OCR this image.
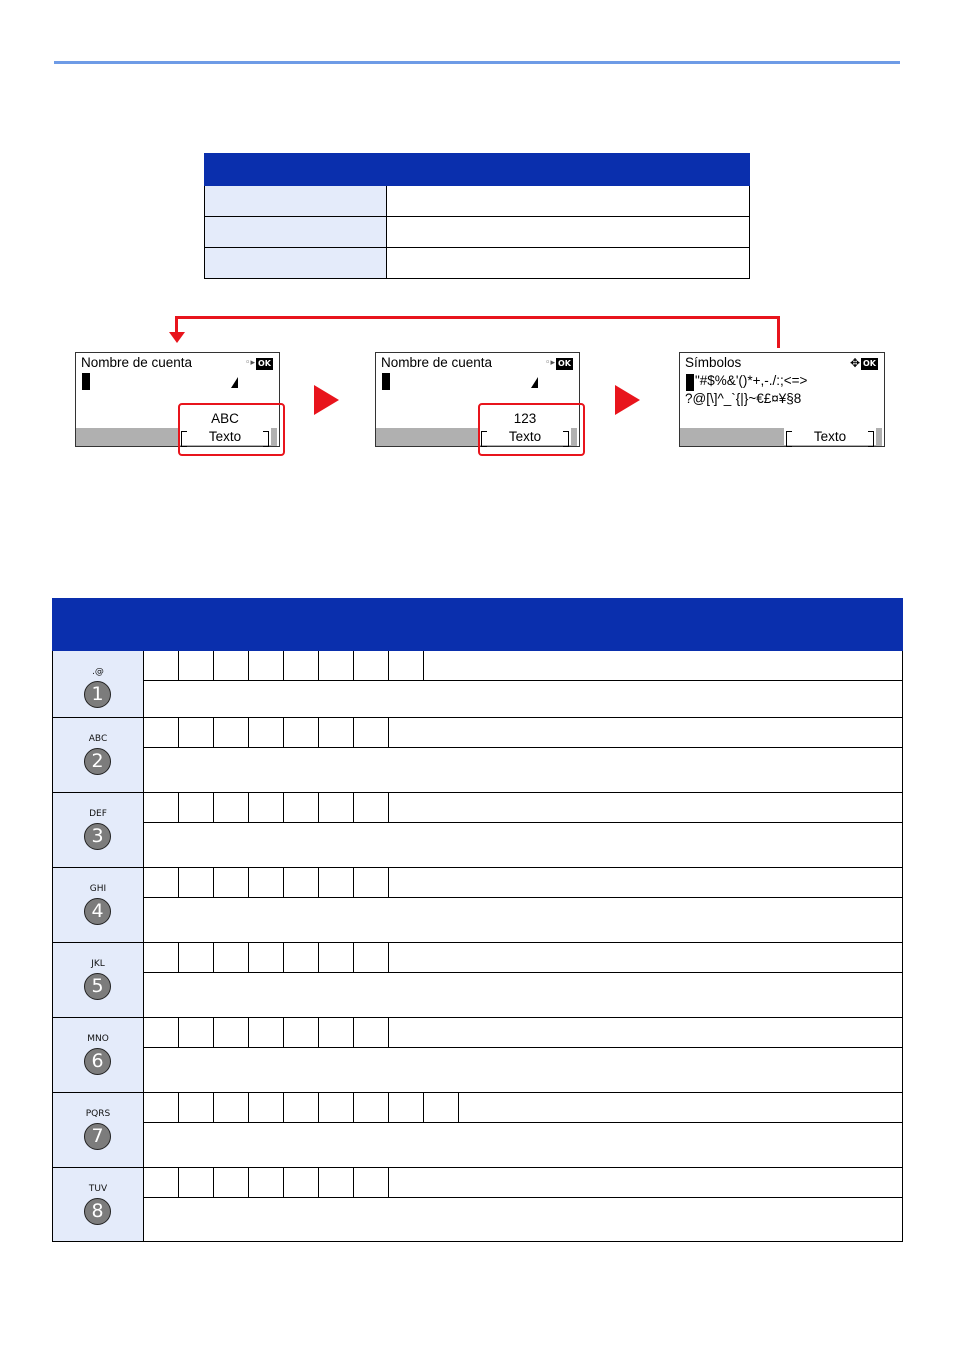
Nombre de cuenta	◦▸ OK
ABC
Texto
Nombre de cuenta	◦▸ OK
123
Texto
Símbolos	✥ OK
"#$%&'()*+,-./:;<=>
?@[\]^_`{|}~€£¤¥§8
Texto

.@
1	

ABC
2	

DEF
3	

GHI
4	

JKL
5	

MNO
6	

PQRS
7	

TUV
8	
